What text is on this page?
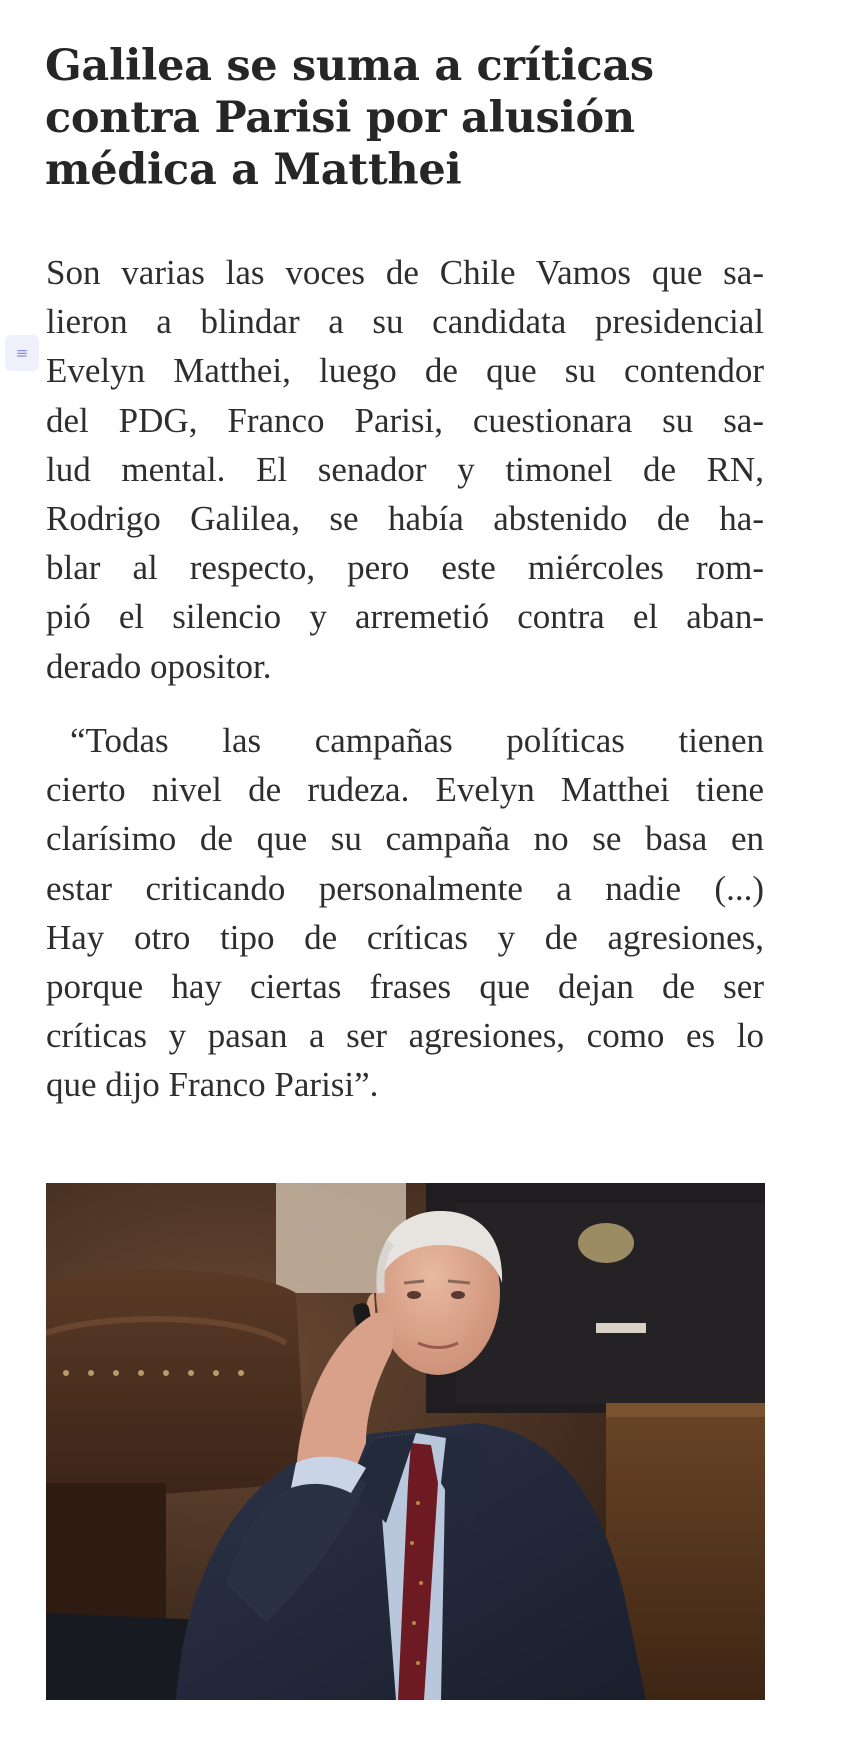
Galilea se suma a críticas
contra Parisi por alusión
médica a Matthei
≡

Son varias las voces de Chile Vamos que sa-
lieron a blindar a su candidata presidencial
Evelyn Matthei, luego de que su contendor
del PDG, Franco Parisi, cuestionara su sa-
lud mental. El senador y timonel de RN,
Rodrigo Galilea, se había abstenido de ha-
blar al respecto, pero este miércoles rom-
pió el silencio y arremetió contra el aban-
derado opositor.

“Todas las campañas políticas tienen
cierto nivel de rudeza. Evelyn Matthei tiene
clarísimo de que su campaña no se basa en
estar criticando personalmente a nadie (...)
Hay otro tipo de críticas y de agresiones,
porque hay ciertas frases que dejan de ser
críticas y pasan a ser agresiones, como es lo
que dijo Franco Parisi”.
